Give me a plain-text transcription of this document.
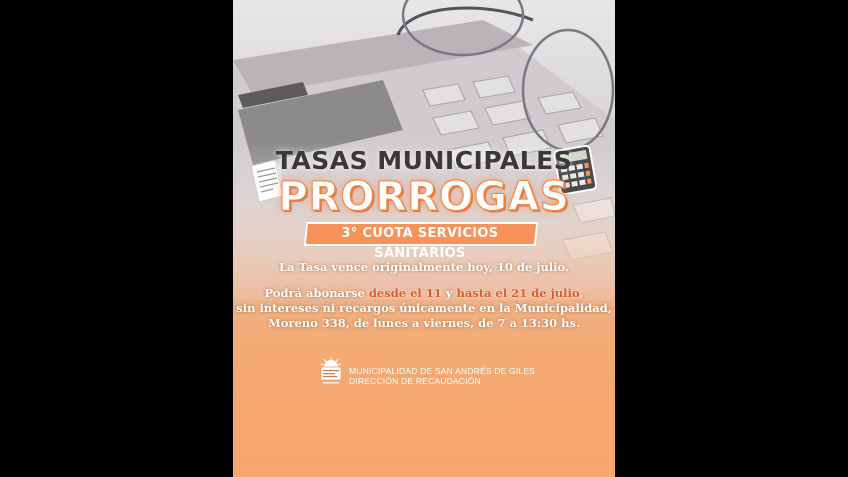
TASAS MUNICIPALES
PRORROGAS
3° CUOTA SERVICIOS SANITARIOS
La Tasa vence originalmente hoy, 10 de julio.
Podrá abonarse desde el 11 y hasta el 21 de julio,
sin intereses ni recargos únicamente en la Municipalidad,
Moreno 338, de lunes a viernes, de 7 a 13:30 hs.
MUNICIPALIDAD DE SAN ANDRÉS DE GILES
DIRECCIÓN DE RECAUDACIÓN
